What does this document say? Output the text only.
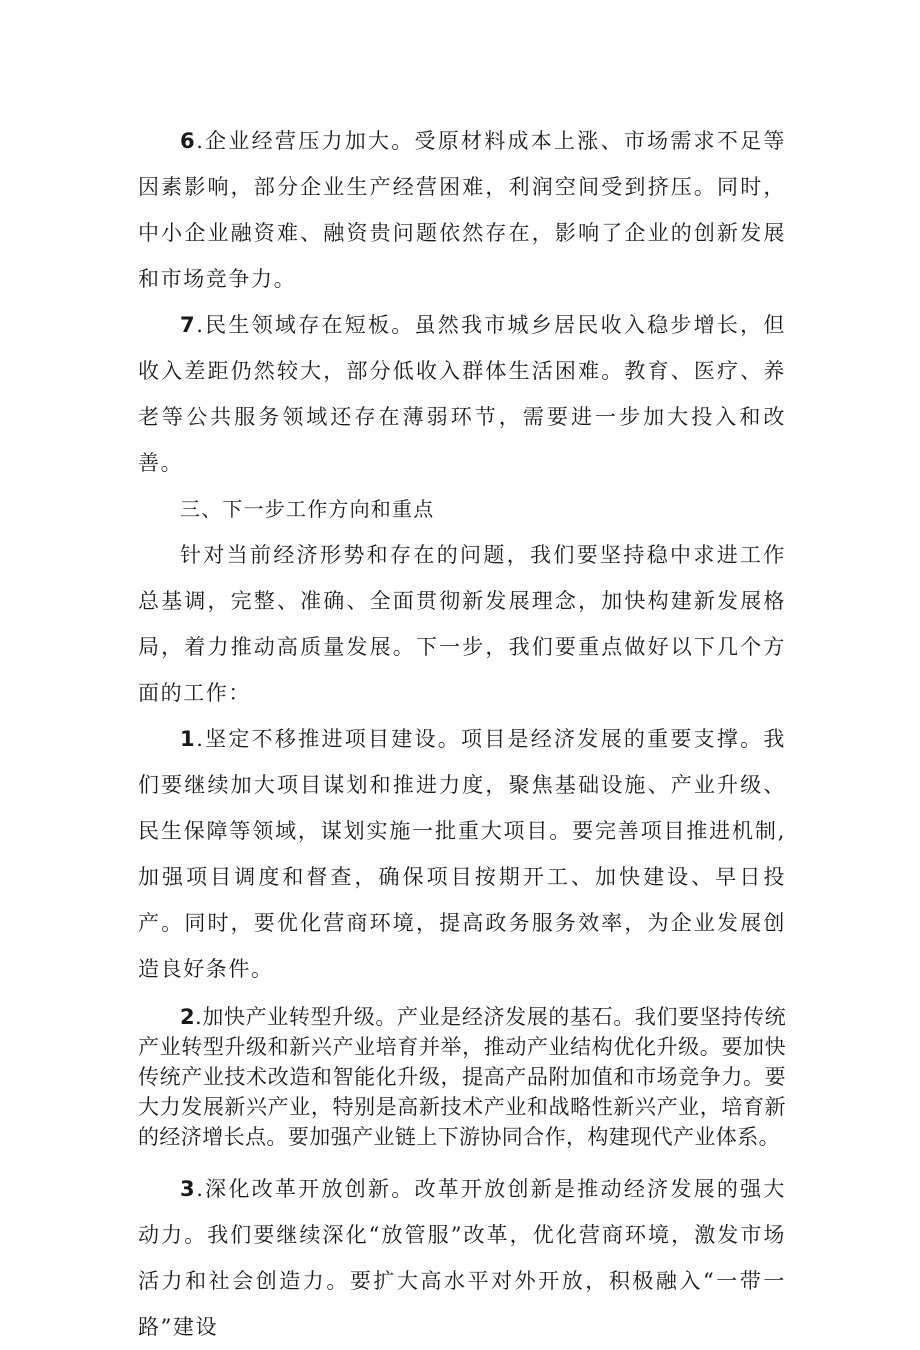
6.企业经营压力加大。受原材料成本上涨、市场需求不足等因素影响，部分企业生产经营困难，利润空间受到挤压。同时，中小企业融资难、融资贵问题依然存在，影响了企业的创新发展和市场竞争力。

7.民生领域存在短板。虽然我市城乡居民收入稳步增长，但收入差距仍然较大，部分低收入群体生活困难。教育、医疗、养老等公共服务领域还存在薄弱环节，需要进一步加大投入和改善。

三、下一步工作方向和重点

针对当前经济形势和存在的问题，我们要坚持稳中求进工作总基调，完整、准确、全面贯彻新发展理念，加快构建新发展格局，着力推动高质量发展。下一步，我们要重点做好以下几个方面的工作：

1.坚定不移推进项目建设。项目是经济发展的重要支撑。我们要继续加大项目谋划和推进力度，聚焦基础设施、产业升级、民生保障等领域，谋划实施一批重大项目。要完善项目推进机制,加强项目调度和督查，确保项目按期开工、加快建设、早日投产。同时，要优化营商环境，提高政务服务效率，为企业发展创造良好条件。

2.加快产业转型升级。产业是经济发展的基石。我们要坚持传统产业转型升级和新兴产业培育并举，推动产业结构优化升级。要加快传统产业技术改造和智能化升级，提高产品附加值和市场竞争力。要大力发展新兴产业，特别是高新技术产业和战略性新兴产业，培育新的经济增长点。要加强产业链上下游协同合作，构建现代产业体系。

3.深化改革开放创新。改革开放创新是推动经济发展的强大动力。我们要继续深化“放管服”改革，优化营商环境，激发市场活力和社会创造力。要扩大高水平对外开放，积极融入“一带一路”建设
